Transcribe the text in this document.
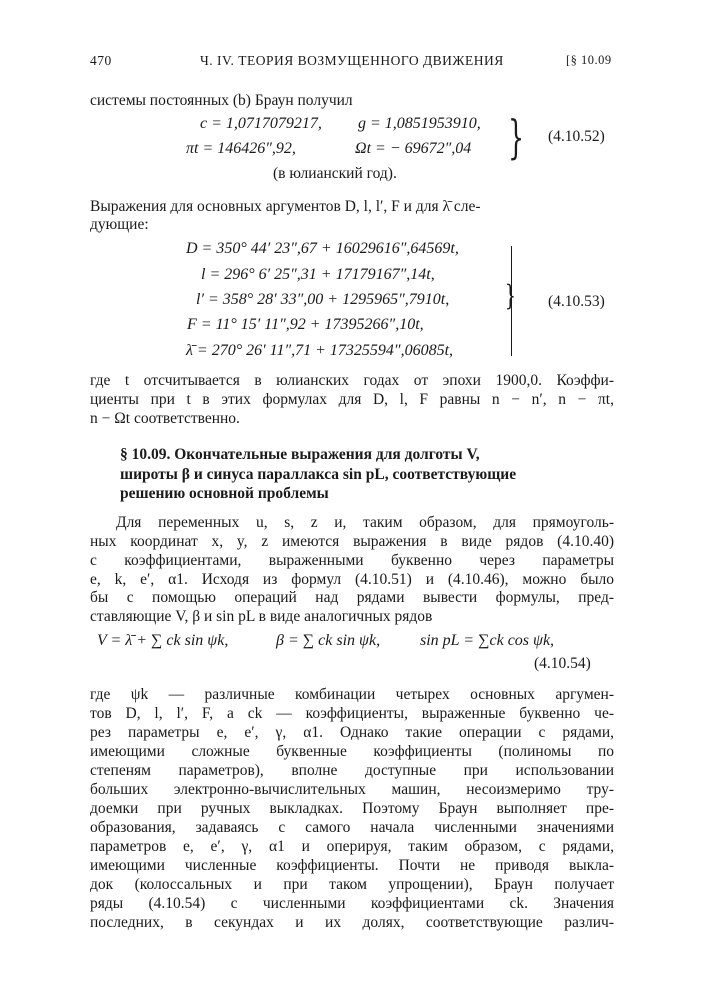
470	Ч. IV. ТЕОРИЯ ВОЗМУЩЕННОГО ДВИЖЕНИЯ	[§ 10.09
системы постоянных (b) Браун получил
c = 1,0717079217, g = 1,0851953910,
πt = 146426″,92,	Ωt = − 69672″,04 } (4.10.52)
(в юлианский год).
Выражения для основных аргументов D, l, l′, F и для λ̄ сле-
дующие:
D = 350° 44′ 23″,67 + 16029616″,64569t,
l = 296° 6′ 25″,31 + 17179167″,14t,
l′ = 358° 28′ 33″,00 + 1295965″,7910t,
F = 11° 15′ 11″,92 + 17395266″,10t,
λ̄ = 270° 26′ 11″,71 + 17325594″,06085t,
} (4.10.53)
где t отсчитывается в юлианских годах от эпохи 1900,0. Коэффи-
циенты при t в этих формулах для D, l, F равны n − n′, n − πt,
n − Ωt соответственно.
§ 10.09. Окончательные выражения для долготы V,
широты β и синуса параллакса sin pL, соответствующие
решению основной проблемы
Для переменных u, s, z и, таким образом, для прямоуголь-
ных координат x, y, z имеются выражения в виде рядов (4.10.40)
с коэффициентами, выраженными буквенно через параметры
e, k, e′, α1. Исходя из формул (4.10.51) и (4.10.46), можно было
бы с помощью операций над рядами вывести формулы, пред-
ставляющие V, β и sin pL в виде аналогичных рядов
V = λ̄ + ∑ ck sin ψk,	β = ∑ ck sin ψk, sin pL = ∑ck cos ψk,
(4.10.54)
где ψk — различные комбинации четырех основных аргумен-
тов D, l, l′, F, а ck — коэффициенты, выраженные буквенно че-
рез параметры e, e′, γ, α1. Однако такие операции с рядами,
имеющими сложные буквенные коэффициенты (полиномы по
степеням параметров), вполне доступные при использовании
больших электронно-вычислительных машин, несоизмеримо тру-
доемки при ручных выкладках. Поэтому Браун выполняет пре-
образования, задаваясь с самого начала численными значениями
параметров e, e′, γ, α1 и оперируя, таким образом, с рядами,
имеющими численные коэффициенты. Почти не приводя выкла-
док (колоссальных и при таком упрощении), Браун получает
ряды (4.10.54) с численными коэффициентами ck. Значения
последних, в секундах и их долях, соответствующие различ-
